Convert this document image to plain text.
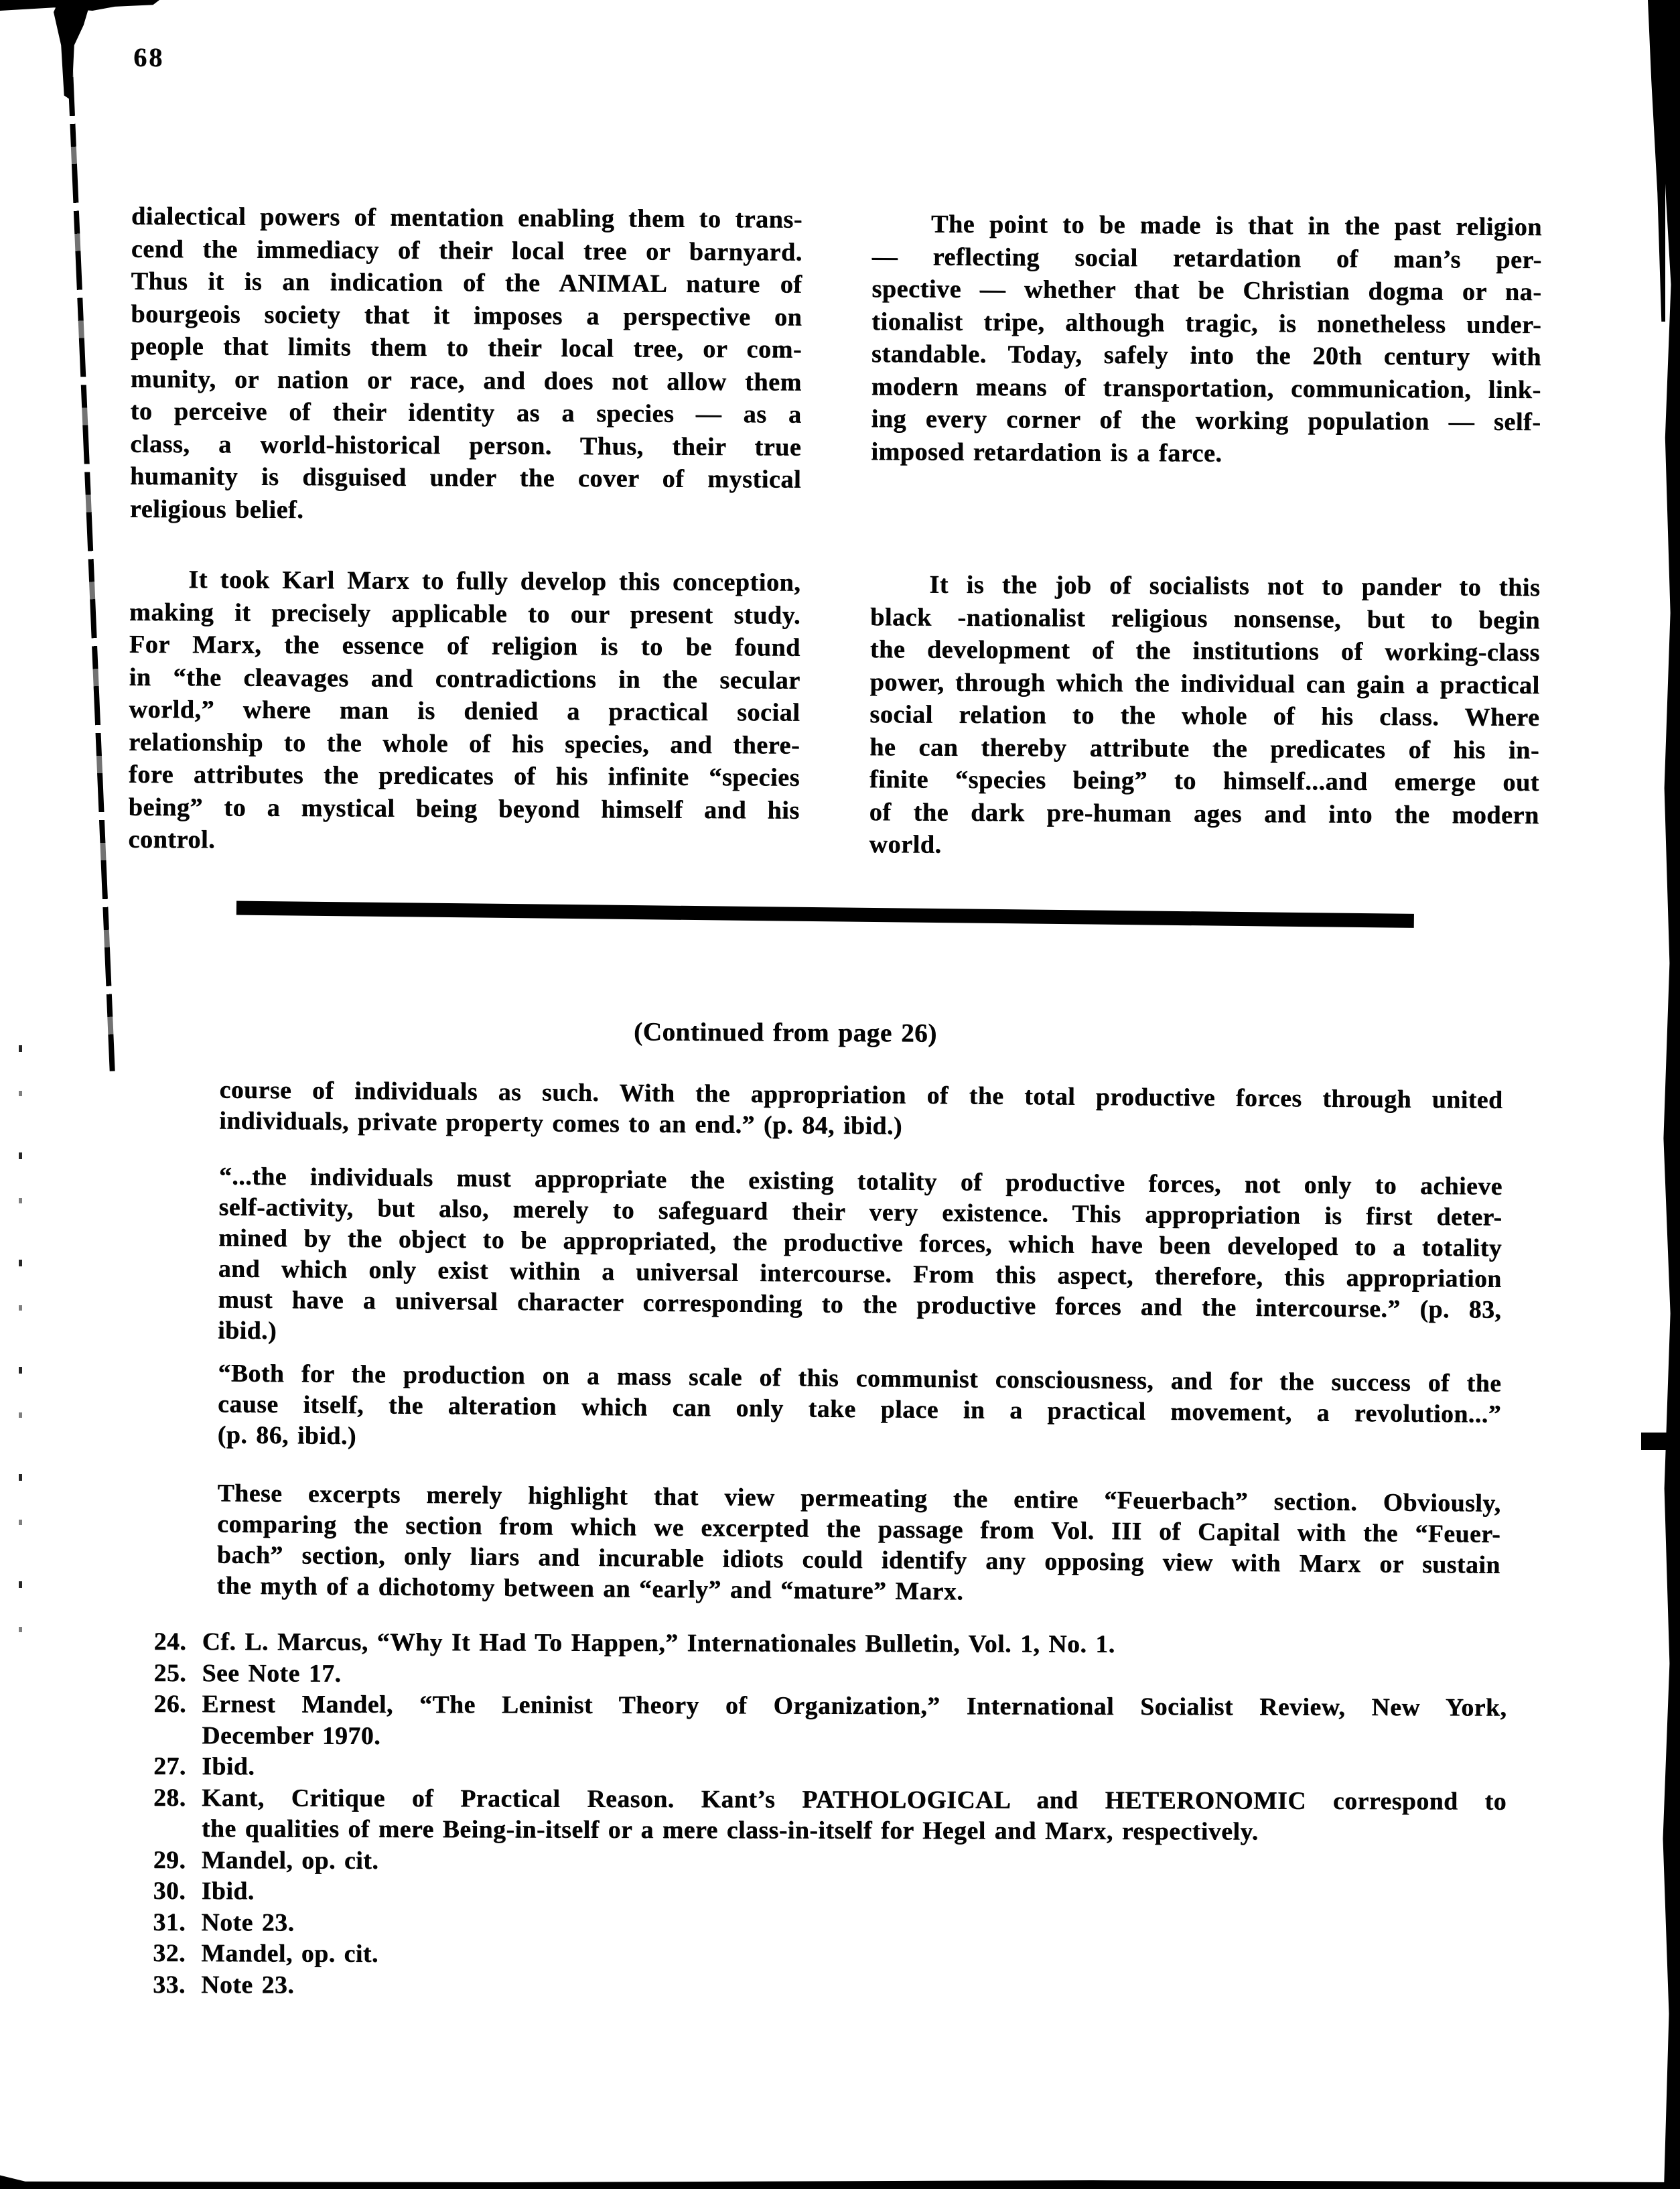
68
dialectical powers of mentation enabling them to trans-
cend the immediacy of their local tree or barnyard.
Thus it is an indication of the ANIMAL nature of
bourgeois society that it imposes a perspective on
people that limits them to their local tree, or com-
munity, or nation or race, and does not allow them
to perceive of their identity as a species — as a
class, a world-historical person. Thus, their true
humanity is disguised under the cover of mystical
religious belief.
It took Karl Marx to fully develop this conception,
making it precisely applicable to our present study.
For Marx, the essence of religion is to be found
in “the cleavages and contradictions in the secular
world,” where man is denied a practical social
relationship to the whole of his species, and there-
fore attributes the predicates of his infinite “species
being” to a mystical being beyond himself and his
control.
The point to be made is that in the past religion
— reflecting social retardation of man’s per-
spective — whether that be Christian dogma or na-
tionalist tripe, although tragic, is nonetheless under-
standable. Today, safely into the 20th century with
modern means of transportation, communication, link-
ing every corner of the working population — self-
imposed retardation is a farce.
It is the job of socialists not to pander to this
black -nationalist religious nonsense, but to begin
the development of the institutions of working-class
power, through which the individual can gain a practical
social relation to the whole of his class. Where
he can thereby attribute the predicates of his in-
finite “species being” to himself...and emerge out
of the dark pre-human ages and into the modern
world.
(Continued from page 26)
course of individuals as such. With the appropriation of the total productive forces through united
individuals, private property comes to an end.” (p. 84, ibid.)
“...the individuals must appropriate the existing totality of productive forces, not only to achieve
self-activity, but also, merely to safeguard their very existence. This appropriation is first deter-
mined by the object to be appropriated, the productive forces, which have been developed to a totality
and which only exist within a universal intercourse. From this aspect, therefore, this appropriation
must have a universal character corresponding to the productive forces and the intercourse.” (p. 83,
ibid.)
“Both for the production on a mass scale of this communist consciousness, and for the success of the
cause itself, the alteration which can only take place in a practical movement, a revolution...”
(p. 86, ibid.)
These excerpts merely highlight that view permeating the entire “Feuerbach” section. Obviously,
comparing the section from which we excerpted the passage from Vol. III of Capital with the “Feuer-
bach” section, only liars and incurable idiots could identify any opposing view with Marx or sustain
the myth of a dichotomy between an “early” and “mature” Marx.
24. Cf. L. Marcus, “Why It Had To Happen,” Internationales Bulletin, Vol. 1, No. 1.
25. See Note 17.
26. Ernest Mandel, “The Leninist Theory of Organization,” International Socialist Review, New York,
December 1970.
27. Ibid.
28. Kant, Critique of Practical Reason. Kant’s PATHOLOGICAL and HETERONOMIC correspond to
the qualities of mere Being-in-itself or a mere class-in-itself for Hegel and Marx, respectively.
29. Mandel, op. cit.
30. Ibid.
31. Note 23.
32. Mandel, op. cit.
33. Note 23.
